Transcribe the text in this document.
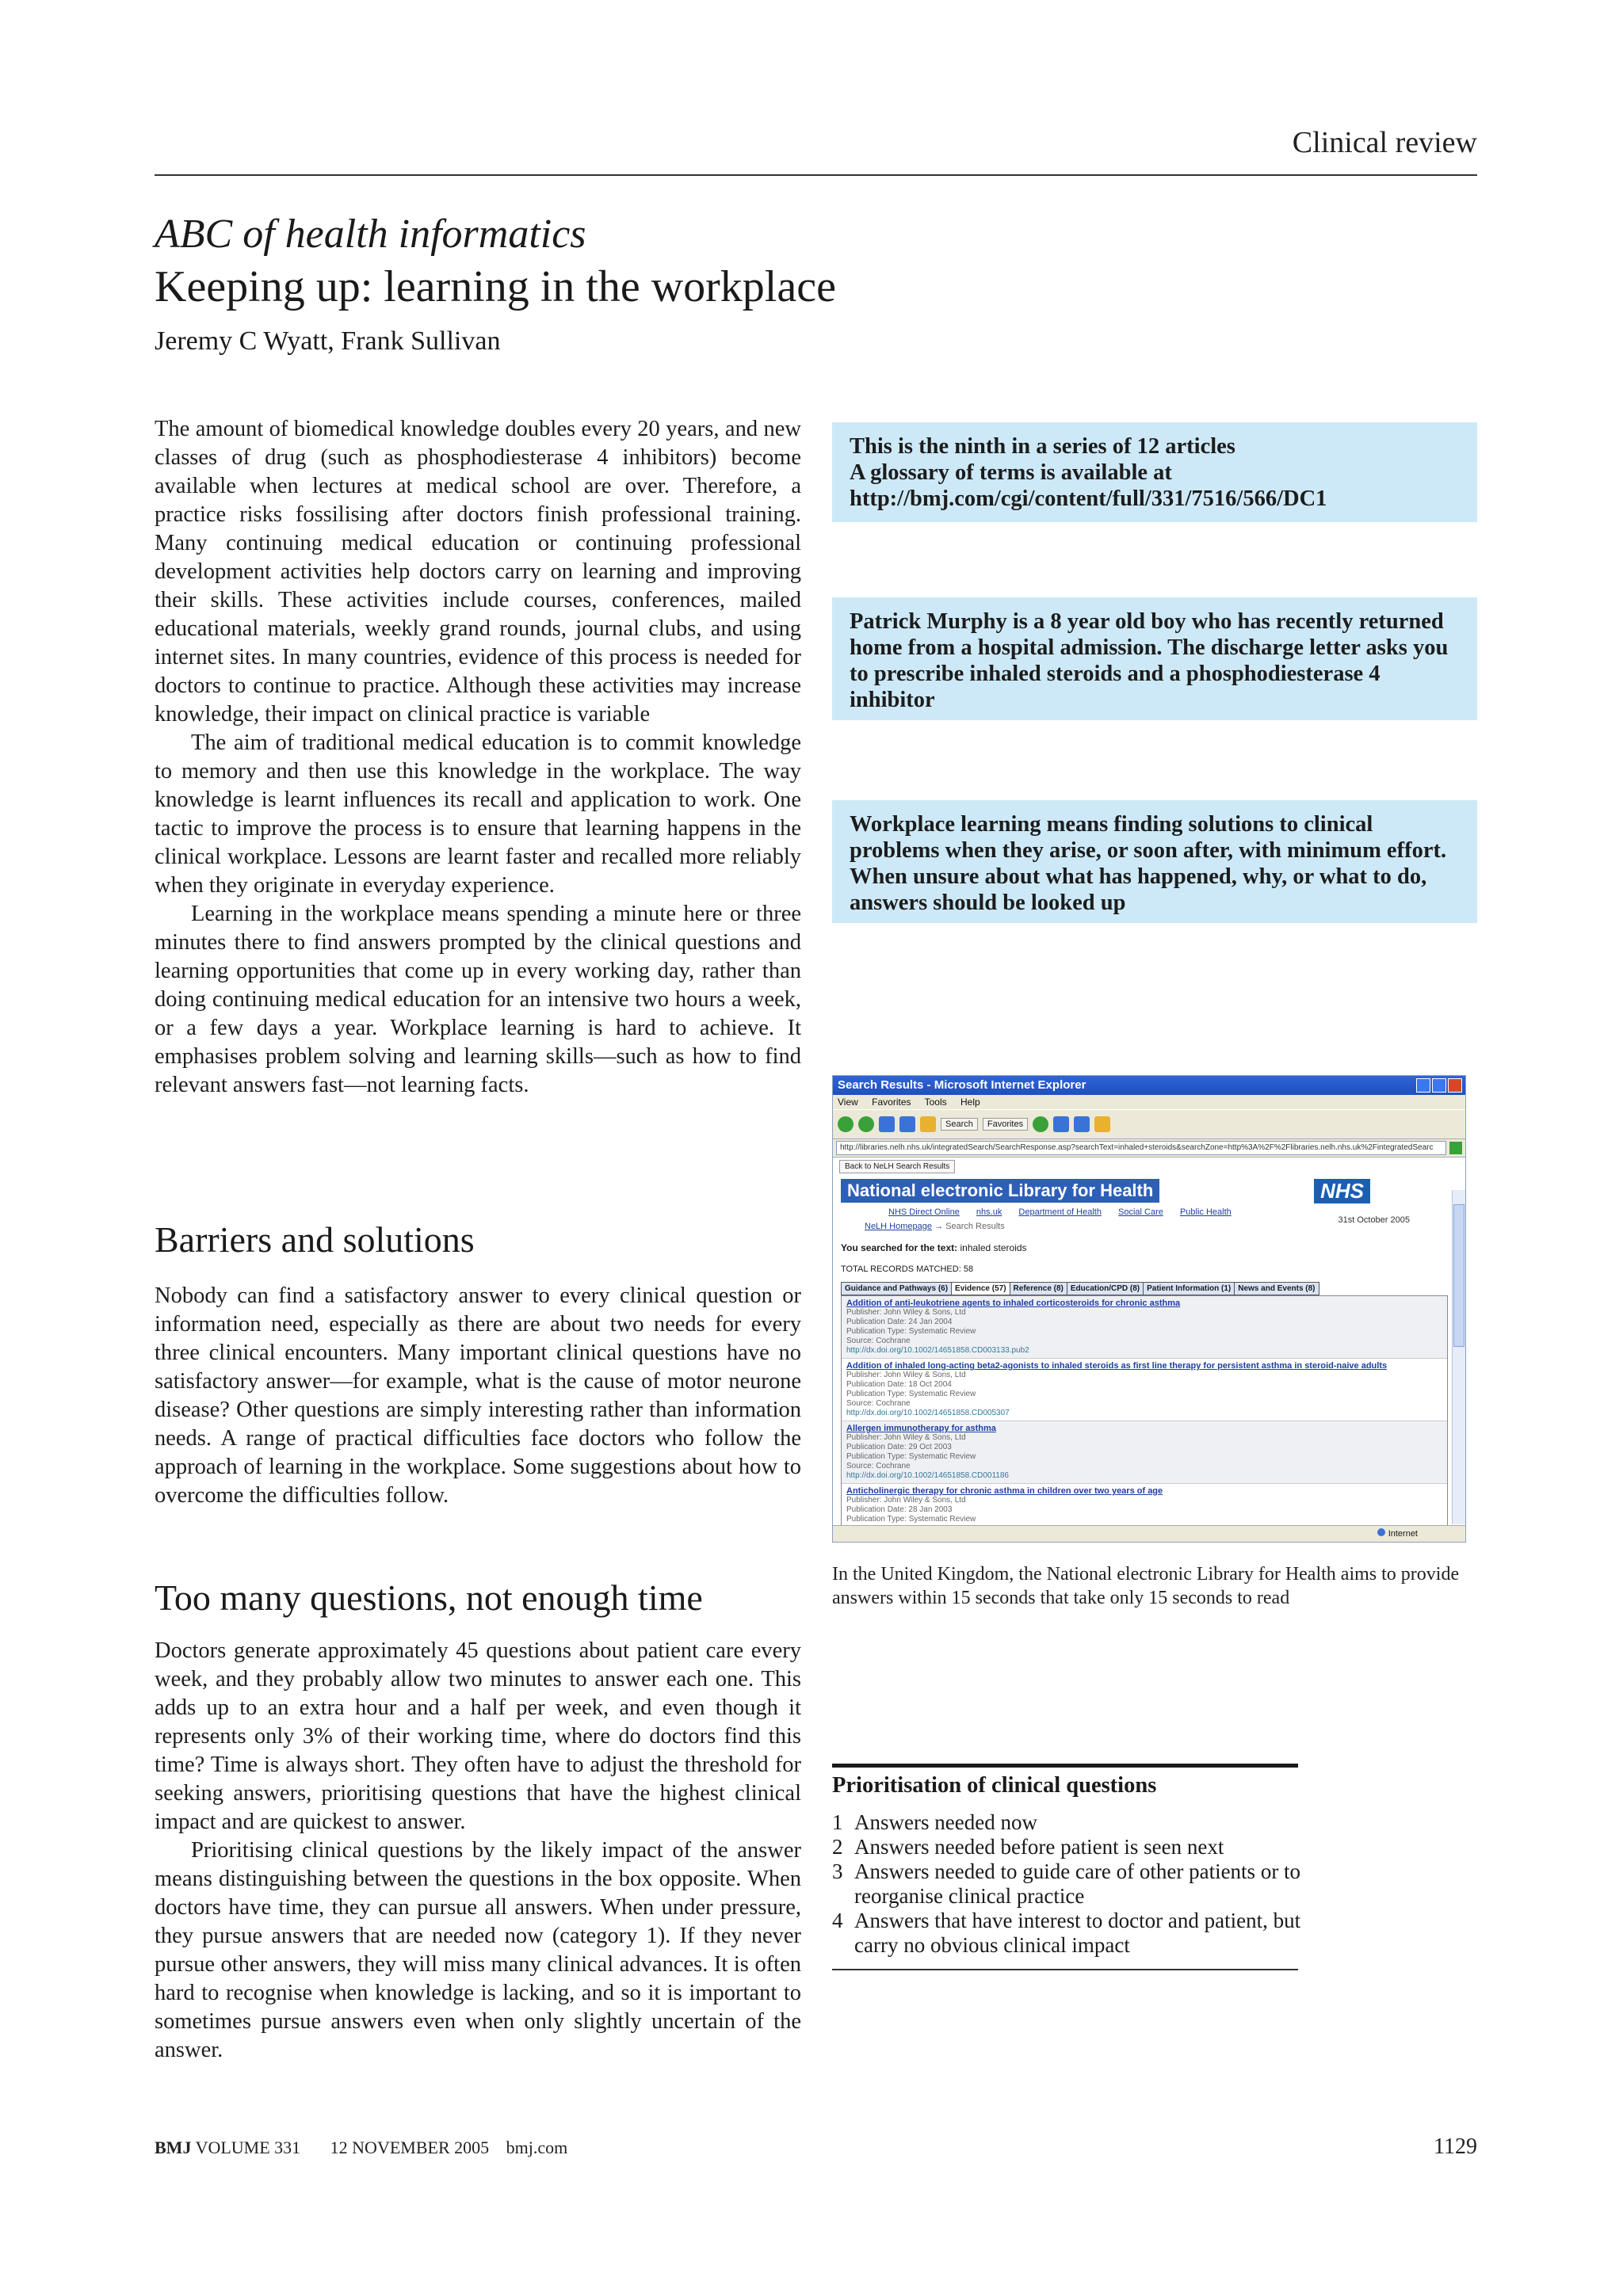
Clinical review
ABC of health informatics
Keeping up: learning in the workplace
Jeremy C Wyatt, Frank Sullivan

The amount of biomedical knowledge doubles every 20 years, and new classes of drug (such as phosphodiesterase 4 inhibitors) become available when lectures at medical school are over. Therefore, a practice risks fossilising after doctors finish professional training. Many continuing medical education or continuing professional development activities help doctors carry on learning and improving their skills. These activities include courses, conferences, mailed educational materials, weekly grand rounds, journal clubs, and using internet sites. In many countries, evidence of this process is needed for doctors to continue to practice. Although these activities may increase knowledge, their impact on clinical practice is variable

The aim of traditional medical education is to commit knowledge to memory and then use this knowledge in the workplace. The way knowledge is learnt influences its recall and application to work. One tactic to improve the process is to ensure that learning happens in the clinical workplace. Lessons are learnt faster and recalled more reliably when they originate in everyday experience.

Learning in the workplace means spending a minute here or three minutes there to find answers prompted by the clinical questions and learning opportunities that come up in every working day, rather than doing continuing medical education for an intensive two hours a week, or a few days a year. Workplace learning is hard to achieve. It emphasises problem solving and learning skills—such as how to find relevant answers fast—not learning facts.

Barriers and solutions

Nobody can find a satisfactory answer to every clinical question or information need, especially as there are about two needs for every three clinical encounters. Many important clinical questions have no satisfactory answer—for example, what is the cause of motor neurone disease? Other questions are simply interesting rather than information needs. A range of practical difficulties face doctors who follow the approach of learning in the workplace. Some suggestions about how to overcome the difficulties follow.

Too many questions, not enough time

Doctors generate approximately 45 questions about patient care every week, and they probably allow two minutes to answer each one. This adds up to an extra hour and a half per week, and even though it represents only 3% of their working time, where do doctors find this time? Time is always short. They often have to adjust the threshold for seeking answers, prioritising questions that have the highest clinical impact and are quickest to answer.

Prioritising clinical questions by the likely impact of the answer means distinguishing between the questions in the box opposite. When doctors have time, they can pursue all answers. When under pressure, they pursue answers that are needed now (category 1). If they never pursue other answers, they will miss many clinical advances. It is often hard to recognise when knowledge is lacking, and so it is important to sometimes pursue answers even when only slightly uncertain of the answer.

This is the ninth in a series of 12 articles
A glossary of terms is available at http://bmj.com/cgi/content/full/331/7516/566/DC1
Patrick Murphy is a 8 year old boy who has recently returned home from a hospital admission. The discharge letter asks you to prescribe inhaled steroids and a phosphodiesterase 4 inhibitor
Workplace learning means finding solutions to clinical problems when they arise, or soon after, with minimum effort. When unsure about what has happened, why, or what to do, answers should be looked up
Search Results - Microsoft Internet Explorer
View Favorites Tools Help
Search	Favorites
http://libraries.nelh.nhs.uk/integratedSearch/SearchResponse.asp?searchText=inhaled+steroids&searchZone=http%3A%2F%2Flibraries.nelh.nhs.uk%2FintegratedSearc
Back to NeLH Search Results
National electronic Library for Health	NHS
31st October 2005
NHS Direct Online nhs.uk Department of Health Social Care Public Health
NeLH Homepage → Search Results
You searched for the text: inhaled steroids
TOTAL RECORDS MATCHED: 58
Guidance and Pathways (6) Evidence (57) Reference (8) Education/CPD (8) Patient Information (1) News and Events (8)
Addition of anti-leukotriene agents to inhaled corticosteroids for chronic asthma
Publisher: John Wiley & Sons, Ltd
Publication Date: 24 Jan 2004
Publication Type: Systematic Review
Source: Cochrane
http://dx.doi.org/10.1002/14651858.CD003133.pub2
Addition of inhaled long-acting beta2-agonists to inhaled steroids as first line therapy for persistent asthma in steroid-naive adults
Publisher: John Wiley & Sons, Ltd
Publication Date: 18 Oct 2004
Publication Type: Systematic Review
Source: Cochrane
http://dx.doi.org/10.1002/14651858.CD005307
Allergen immunotherapy for asthma
Publisher: John Wiley & Sons, Ltd
Publication Date: 29 Oct 2003
Publication Type: Systematic Review
Source: Cochrane
http://dx.doi.org/10.1002/14651858.CD001186
Anticholinergic therapy for chronic asthma in children over two years of age
Publisher: John Wiley & Sons, Ltd
Publication Date: 28 Jan 2003
Publication Type: Systematic Review
Internet
In the United Kingdom, the National electronic Library for Health aims to provide answers within 15 seconds that take only 15 seconds to read
Prioritisation of clinical questions
1 Answers needed now
2 Answers needed before patient is seen next
3 Answers needed to guide care of other patients or to reorganise clinical practice
4 Answers that have interest to doctor and patient, but carry no obvious clinical impact
BMJ VOLUME 331 12 NOVEMBER 2005 bmj.com	1129
